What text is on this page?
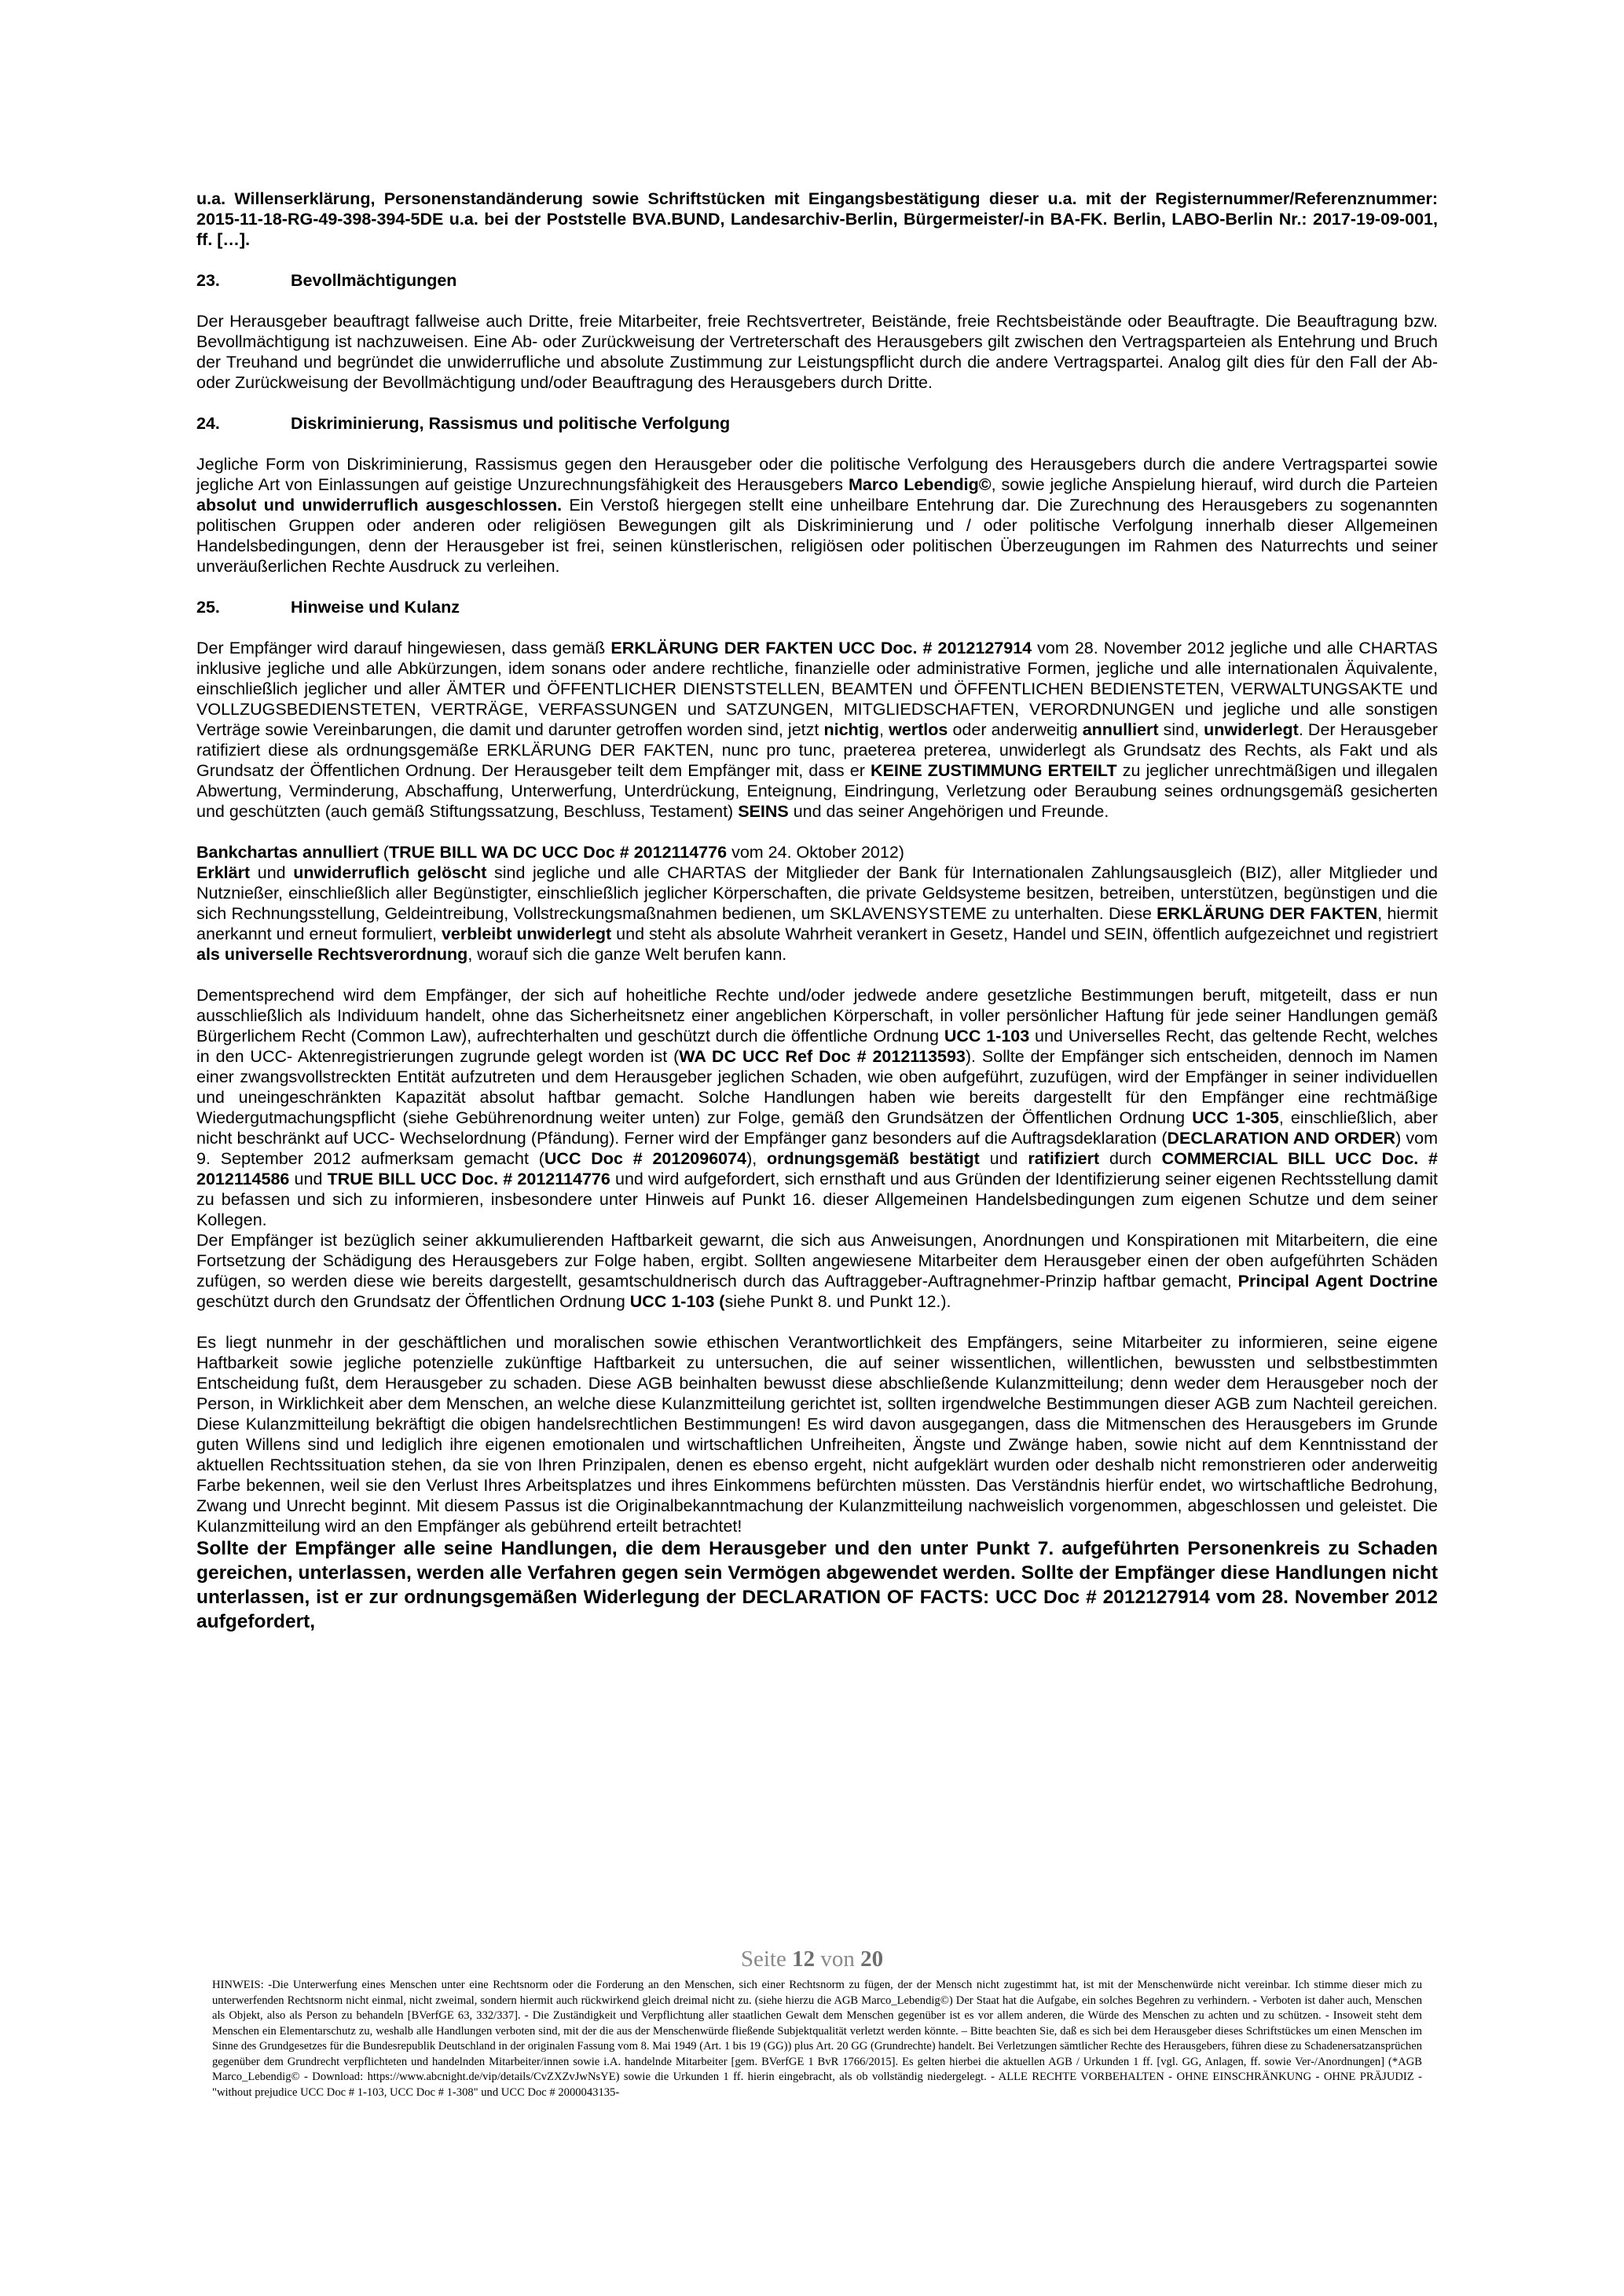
u.a. Willenserklärung, Personenstandänderung sowie Schriftstücken mit Eingangsbestätigung dieser u.a. mit der Registernummer/Referenznummer: 2015-11-18-RG-49-398-394-5DE u.a. bei der Poststelle BVA.BUND, Landesarchiv-Berlin, Bürgermeister/-in BA-FK. Berlin, LABO-Berlin Nr.: 2017-19-09-001, ff. […].

23.	Bevollmächtigungen

Der Herausgeber beauftragt fallweise auch Dritte, freie Mitarbeiter, freie Rechtsvertreter, Beistände, freie Rechtsbeistände oder Beauftragte. Die Beauftragung bzw. Bevollmächtigung ist nachzuweisen. Eine Ab- oder Zurückweisung der Vertreterschaft des Herausgebers gilt zwischen den Vertragsparteien als Entehrung und Bruch der Treuhand und begründet die unwiderrufliche und absolute Zustimmung zur Leistungspflicht durch die andere Vertragspartei. Analog gilt dies für den Fall der Ab- oder Zurückweisung der Bevollmächtigung und/oder Beauftragung des Herausgebers durch Dritte.

24.	Diskriminierung, Rassismus und politische Verfolgung

Jegliche Form von Diskriminierung, Rassismus gegen den Herausgeber oder die politische Verfolgung des Herausgebers durch die andere Vertragspartei sowie jegliche Art von Einlassungen auf geistige Unzurechnungsfähigkeit des Herausgebers Marco Lebendig©, sowie jegliche Anspielung hierauf, wird durch die Parteien absolut und unwiderruflich ausgeschlossen. Ein Verstoß hiergegen stellt eine unheilbare Entehrung dar. Die Zurechnung des Herausgebers zu sogenannten politischen Gruppen oder anderen oder religiösen Bewegungen gilt als Diskriminierung und / oder politische Verfolgung innerhalb dieser Allgemeinen Handelsbedingungen, denn der Herausgeber ist frei, seinen künstlerischen, religiösen oder politischen Überzeugungen im Rahmen des Naturrechts und seiner unveräußerlichen Rechte Ausdruck zu verleihen.

25.	Hinweise und Kulanz

Der Empfänger wird darauf hingewiesen, dass gemäß ERKLÄRUNG DER FAKTEN UCC Doc. # 2012127914 vom 28. November 2012 jegliche und alle CHARTAS inklusive jegliche und alle Abkürzungen, idem sonans oder andere rechtliche, finanzielle oder administrative Formen, jegliche und alle internationalen Äquivalente, einschließlich jeglicher und aller ÄMTER und ÖFFENTLICHER DIENSTSTELLEN, BEAMTEN und ÖFFENTLICHEN BEDIENSTETEN, VERWALTUNGSAKTE und VOLLZUGSBEDIENSTETEN, VERTRÄGE, VERFASSUNGEN und SATZUNGEN, MITGLIEDSCHAFTEN, VERORDNUNGEN und jegliche und alle sonstigen Verträge sowie Vereinbarungen, die damit und darunter getroffen worden sind, jetzt nichtig, wertlos oder anderweitig annulliert sind, unwiderlegt. Der Herausgeber ratifiziert diese als ordnungsgemäße ERKLÄRUNG DER FAKTEN, nunc pro tunc, praeterea preterea, unwiderlegt als Grundsatz des Rechts, als Fakt und als Grundsatz der Öffentlichen Ordnung. Der Herausgeber teilt dem Empfänger mit, dass er KEINE ZUSTIMMUNG ERTEILT zu jeglicher unrechtmäßigen und illegalen Abwertung, Verminderung, Abschaffung, Unterwerfung, Unterdrückung, Enteignung, Eindringung, Verletzung oder Beraubung seines ordnungsgemäß gesicherten und geschützten (auch gemäß Stiftungssatzung, Beschluss, Testament) SEINS und das seiner Angehörigen und Freunde.

Bankchartas annulliert (TRUE BILL WA DC UCC Doc # 2012114776 vom 24. Oktober 2012)

Erklärt und unwiderruflich gelöscht sind jegliche und alle CHARTAS der Mitglieder der Bank für Internationalen Zahlungsausgleich (BIZ), aller Mitglieder und Nutznießer, einschließlich aller Begünstigter, einschließlich jeglicher Körperschaften, die private Geldsysteme besitzen, betreiben, unterstützen, begünstigen und die sich Rechnungsstellung, Geldeintreibung, Vollstreckungsmaßnahmen bedienen, um SKLAVENSYSTEME zu unterhalten. Diese ERKLÄRUNG DER FAKTEN, hiermit anerkannt und erneut formuliert, verbleibt unwiderlegt und steht als absolute Wahrheit verankert in Gesetz, Handel und SEIN, öffentlich aufgezeichnet und registriert als universelle Rechtsverordnung, worauf sich die ganze Welt berufen kann.

Dementsprechend wird dem Empfänger, der sich auf hoheitliche Rechte und/oder jedwede andere gesetzliche Bestimmungen beruft, mitgeteilt, dass er nun ausschließlich als Individuum handelt, ohne das Sicherheitsnetz einer angeblichen Körperschaft, in voller persönlicher Haftung für jede seiner Handlungen gemäß Bürgerlichem Recht (Common Law), aufrechterhalten und geschützt durch die öffentliche Ordnung UCC 1-103 und Universelles Recht, das geltende Recht, welches in den UCC- Aktenregistrierungen zugrunde gelegt worden ist (WA DC UCC Ref Doc # 2012113593). Sollte der Empfänger sich entscheiden, dennoch im Namen einer zwangsvollstreckten Entität aufzutreten und dem Herausgeber jeglichen Schaden, wie oben aufgeführt, zuzufügen, wird der Empfänger in seiner individuellen und uneingeschränkten Kapazität absolut haftbar gemacht. Solche Handlungen haben wie bereits dargestellt für den Empfänger eine rechtmäßige Wiedergutmachungspflicht (siehe Gebührenordnung weiter unten) zur Folge, gemäß den Grundsätzen der Öffentlichen Ordnung UCC 1-305, einschließlich, aber nicht beschränkt auf UCC- Wechselordnung (Pfändung). Ferner wird der Empfänger ganz besonders auf die Auftragsdeklaration (DECLARATION AND ORDER) vom 9. September 2012 aufmerksam gemacht (UCC Doc # 2012096074), ordnungsgemäß bestätigt und ratifiziert durch COMMERCIAL BILL UCC Doc. # 2012114586 und TRUE BILL UCC Doc. # 2012114776 und wird aufgefordert, sich ernsthaft und aus Gründen der Identifizierung seiner eigenen Rechtsstellung damit zu befassen und sich zu informieren, insbesondere unter Hinweis auf Punkt 16. dieser Allgemeinen Handelsbedingungen zum eigenen Schutze und dem seiner Kollegen.

Der Empfänger ist bezüglich seiner akkumulierenden Haftbarkeit gewarnt, die sich aus Anweisungen, Anordnungen und Konspirationen mit Mitarbeitern, die eine Fortsetzung der Schädigung des Herausgebers zur Folge haben, ergibt. Sollten angewiesene Mitarbeiter dem Herausgeber einen der oben aufgeführten Schäden zufügen, so werden diese wie bereits dargestellt, gesamtschuldnerisch durch das Auftraggeber-Auftragnehmer-Prinzip haftbar gemacht, Principal Agent Doctrine geschützt durch den Grundsatz der Öffentlichen Ordnung UCC 1-103 (siehe Punkt 8. und Punkt 12.).

Es liegt nunmehr in der geschäftlichen und moralischen sowie ethischen Verantwortlichkeit des Empfängers, seine Mitarbeiter zu informieren, seine eigene Haftbarkeit sowie jegliche potenzielle zukünftige Haftbarkeit zu untersuchen, die auf seiner wissentlichen, willentlichen, bewussten und selbstbestimmten Entscheidung fußt, dem Herausgeber zu schaden. Diese AGB beinhalten bewusst diese abschließende Kulanzmitteilung; denn weder dem Herausgeber noch der Person, in Wirklichkeit aber dem Menschen, an welche diese Kulanzmitteilung gerichtet ist, sollten irgendwelche Bestimmungen dieser AGB zum Nachteil gereichen. Diese Kulanzmitteilung bekräftigt die obigen handelsrechtlichen Bestimmungen! Es wird davon ausgegangen, dass die Mitmenschen des Herausgebers im Grunde guten Willens sind und lediglich ihre eigenen emotionalen und wirtschaftlichen Unfreiheiten, Ängste und Zwänge haben, sowie nicht auf dem Kenntnisstand der aktuellen Rechtssituation stehen, da sie von Ihren Prinzipalen, denen es ebenso ergeht, nicht aufgeklärt wurden oder deshalb nicht remonstrieren oder anderweitig Farbe bekennen, weil sie den Verlust Ihres Arbeitsplatzes und ihres Einkommens befürchten müssten. Das Verständnis hierfür endet, wo wirtschaftliche Bedrohung, Zwang und Unrecht beginnt. Mit diesem Passus ist die Originalbekanntmachung der Kulanzmitteilung nachweislich vorgenommen, abgeschlossen und geleistet. Die Kulanzmitteilung wird an den Empfänger als gebührend erteilt betrachtet!

Sollte der Empfänger alle seine Handlungen, die dem Herausgeber und den unter Punkt 7. aufgeführten Personenkreis zu Schaden gereichen, unterlassen, werden alle Verfahren gegen sein Vermögen abgewendet werden. Sollte der Empfänger diese Handlungen nicht unterlassen, ist er zur ordnungsgemäßen Widerlegung der DECLARATION OF FACTS: UCC Doc # 2012127914 vom 28. November 2012 aufgefordert,

Seite 12 von 20
HINWEIS: -Die Unterwerfung eines Menschen unter eine Rechtsnorm oder die Forderung an den Menschen, sich einer Rechtsnorm zu fügen, der der Mensch nicht zugestimmt hat, ist mit der Menschenwürde nicht vereinbar. Ich stimme dieser mich zu unterwerfenden Rechtsnorm nicht einmal, nicht zweimal, sondern hiermit auch rückwirkend gleich dreimal nicht zu. (siehe hierzu die AGB Marco_Lebendig©) Der Staat hat die Aufgabe, ein solches Begehren zu verhindern. - Verboten ist daher auch, Menschen als Objekt, also als Person zu behandeln [BVerfGE 63, 332/337]. - Die Zuständigkeit und Verpflichtung aller staatlichen Gewalt dem Menschen gegenüber ist es vor allem anderen, die Würde des Menschen zu achten und zu schützen. - Insoweit steht dem Menschen ein Elementarschutz zu, weshalb alle Handlungen verboten sind, mit der die aus der Menschenwürde fließende Subjektqualität verletzt werden könnte. – Bitte beachten Sie, daß es sich bei dem Herausgeber dieses Schriftstückes um einen Menschen im Sinne des Grundgesetzes für die Bundesrepublik Deutschland in der originalen Fassung vom 8. Mai 1949 (Art. 1 bis 19 (GG)) plus Art. 20 GG (Grundrechte) handelt. Bei Verletzungen sämtlicher Rechte des Herausgebers, führen diese zu Schadenersatzansprüchen gegenüber dem Grundrecht verpflichteten und handelnden Mitarbeiter/innen sowie i.A. handelnde Mitarbeiter [gem. BVerfGE 1 BvR 1766/2015]. Es gelten hierbei die aktuellen AGB / Urkunden 1 ff. [vgl. GG, Anlagen, ff. sowie Ver-/Anordnungen] (*AGB Marco_Lebendig© - Download: https://www.abcnight.de/vip/details/CvZXZvJwNsYE) sowie die Urkunden 1 ff. hierin eingebracht, als ob vollständig niedergelegt. - ALLE RECHTE VORBEHALTEN - OHNE EINSCHRÄNKUNG - OHNE PRÄJUDIZ - "without prejudice UCC Doc # 1-103, UCC Doc # 1-308" und UCC Doc # 2000043135-
